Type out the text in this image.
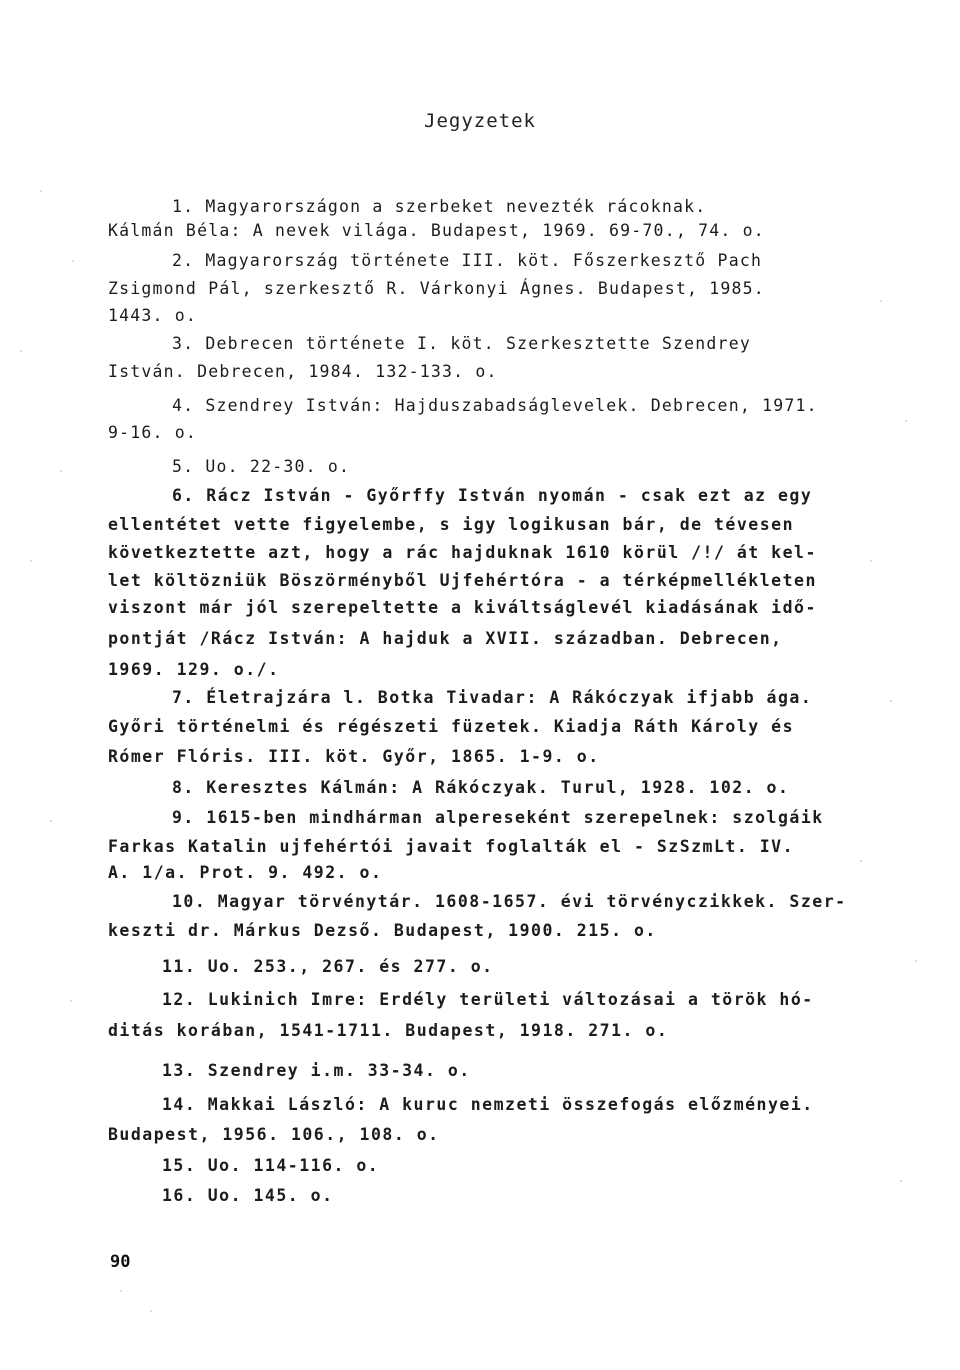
Jegyzetek
1. Magyarországon a szerbeket nevezték rácoknak.
Kálmán Béla: A nevek világa. Budapest, 1969. 69-70., 74. o.
2. Magyarország története III. köt. Főszerkesztő Pach
Zsigmond Pál, szerkesztő R. Várkonyi Ágnes. Budapest, 1985.
1443. o.
3. Debrecen története I. köt. Szerkesztette Szendrey
István. Debrecen, 1984. 132-133. o.
4. Szendrey István: Hajduszabadságlevelek. Debrecen, 1971.
9-16. o.
5. Uo. 22-30. o.
6. Rácz István - Győrffy István nyomán - csak ezt az egy
ellentétet vette figyelembe, s igy logikusan bár, de tévesen
következtette azt, hogy a rác hajduknak 1610 körül /!/ át kel-
let költözniük Böszörményből Ujfehértóra - a térképmellékleten
viszont már jól szerepeltette a kiváltságlevél kiadásának idő-
pontját /Rácz István: A hajduk a XVII. században. Debrecen,
1969. 129. o./.
7. Életrajzára l. Botka Tivadar: A Rákóczyak ifjabb ága.
Győri történelmi és régészeti füzetek. Kiadja Ráth Károly és
Rómer Flóris. III. köt. Győr, 1865. 1-9. o.
8. Keresztes Kálmán: A Rákóczyak. Turul, 1928. 102. o.
9. 1615-ben mindhárman alpereseként szerepelnek: szolgáik
Farkas Katalin ujfehértói javait foglalták el - SzSzmLt. IV.
A. 1/a. Prot. 9. 492. o.
10. Magyar törvénytár. 1608-1657. évi törvényczikkek. Szer-
keszti dr. Márkus Dezső. Budapest, 1900. 215. o.
11. Uo. 253., 267. és 277. o.
12. Lukinich Imre: Erdély területi változásai a török hó-
ditás korában, 1541-1711. Budapest, 1918. 271. o.
13. Szendrey i.m. 33-34. o.
14. Makkai László: A kuruc nemzeti összefogás előzményei.
Budapest, 1956. 106., 108. o.
15. Uo. 114-116. o.
16. Uo. 145. o.
90
